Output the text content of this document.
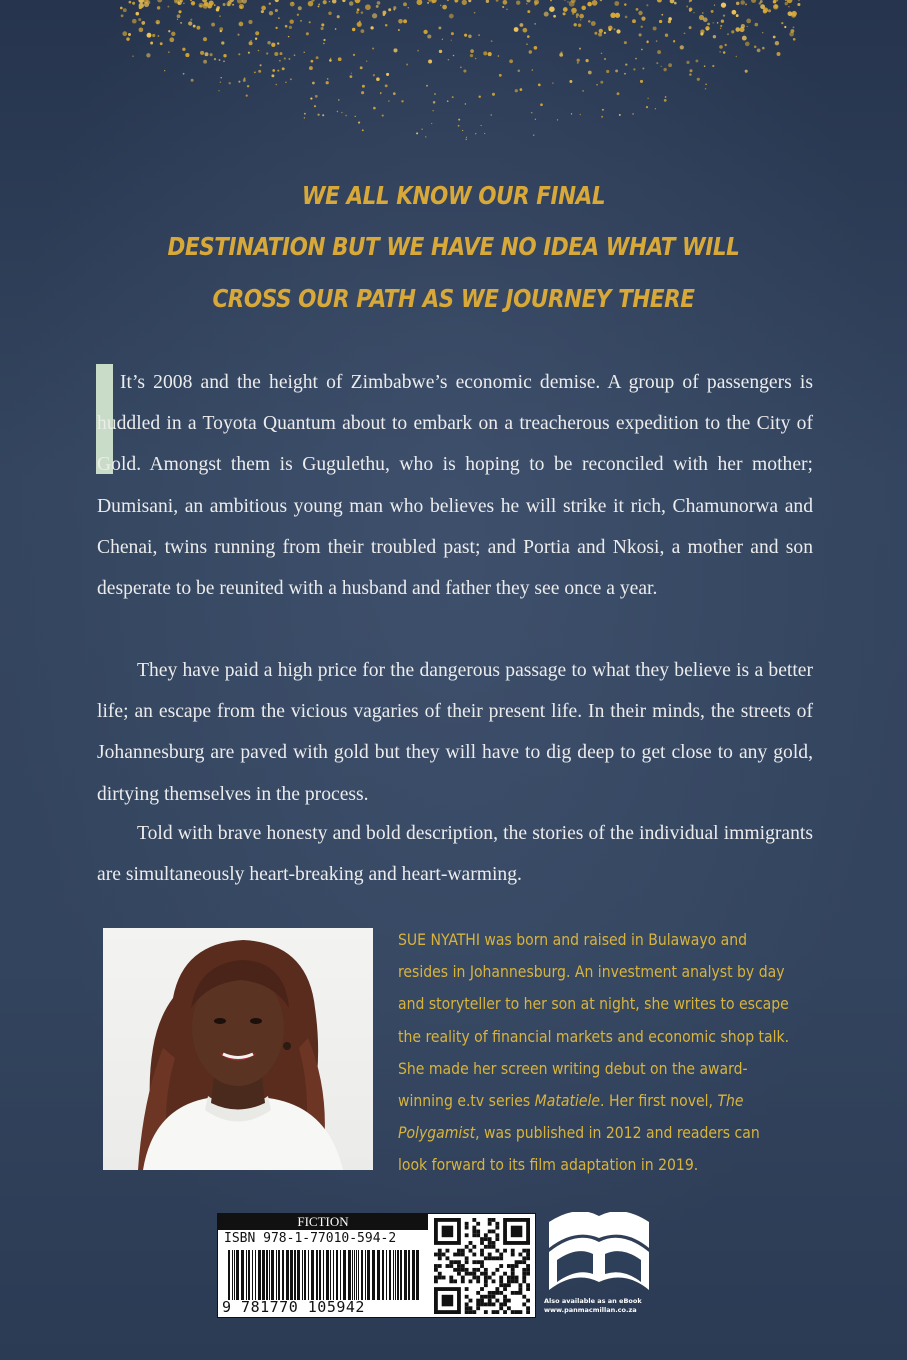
WE ALL KNOW OUR FINAL
DESTINATION BUT WE HAVE NO IDEA WHAT WILL
CROSS OUR PATH AS WE JOURNEY THERE

It’s 2008 and the height of Zimbabwe’s economic demise. A group of passengers is huddled in a Toyota Quantum about to embark on a treacherous expedition to the City of Gold. Amongst them is Gugulethu, who is hoping to be reconciled with her mother; Dumisani, an ambitious young man who believes he will strike it rich, Chamunorwa and Chenai, twins running from their troubled past; and Portia and Nkosi, a mother and son desperate to be reunited with a husband and father they see once a year.

They have paid a high price for the dangerous passage to what they believe is a better life; an escape from the vicious vagaries of their present life. In their minds, the streets of Johannesburg are paved with gold but they will have to dig deep to get close to any gold, dirtying themselves in the process.

Told with brave honesty and bold description, the stories of the individual immigrants are simultaneously heart-breaking and heart-warming.

SUE NYATHI was born and raised in Bulawayo and resides in Johannesburg. An investment analyst by day and storyteller to her son at night, she writes to escape the reality of financial markets and economic shop talk. She made her screen writing debut on the award-winning e.tv series Matatiele. Her first novel, The Polygamist, was published in 2012 and readers can look forward to its film adaptation in 2019.

FICTION
ISBN 978-1-77010-594-2
9 781770 105942	Also available as an eBook
www.panmacmillan.co.za
